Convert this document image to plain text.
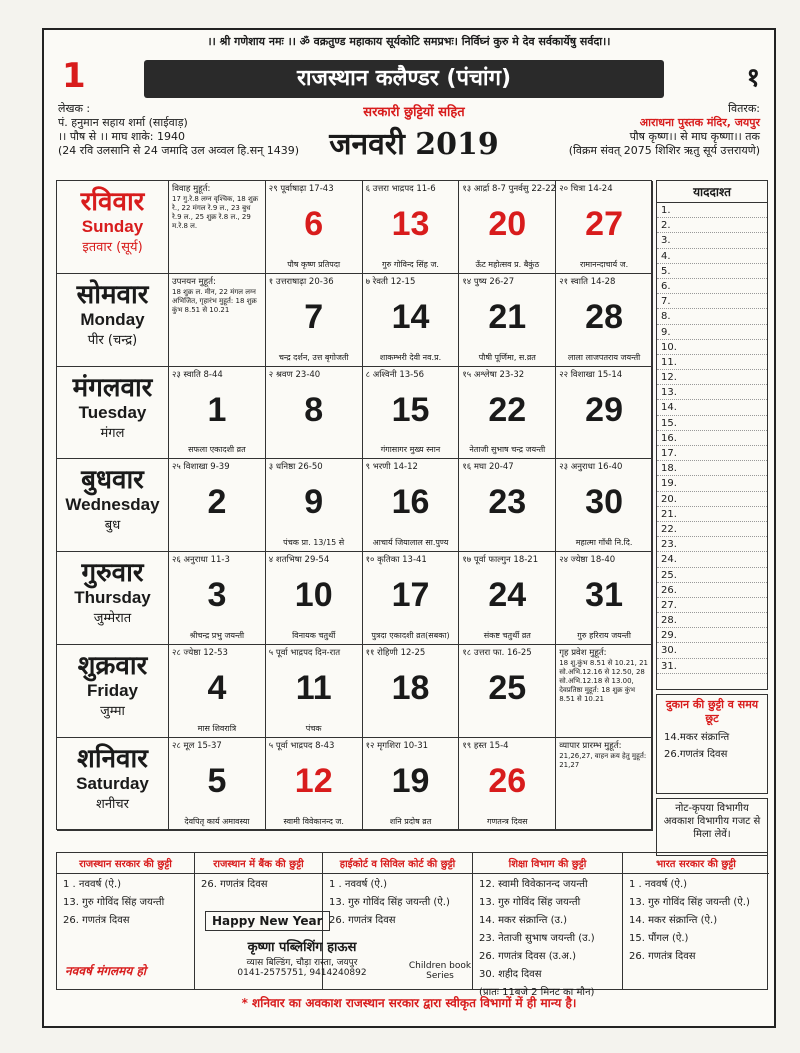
।। श्री गणेशाय नमः ।। ॐ वक्रतुण्ड महाकाय सूर्यकोटि समप्रभः। निर्विघ्नं कुरु मे देव सर्वकार्येषु सर्वदा।।
1	१
राजस्थान कलैण्डर (पंचांग)
लेखक :
पं. हनुमान सहाय शर्मा (साईवाड़)
।। पौष से ।। माघ शाके: 1940
(24 रवि उलसानि से 24 जमादि उल अव्वल हि.सन् 1439)
सरकारी छुट्टियों सहित
जनवरी 2019
वितरक:
आराधना पुस्तक मंदिर, जयपुर
पौष कृष्ण।। से माघ कृष्णा।। तक
(विक्रम संवत् 2075 शिशिर ऋतु सूर्य उत्तरायणे)
रविवार
Sunday
इतवार (सूर्य)
विवाह मुहूर्त:
17 गु.रे.8 लग्न वृश्चिक, 18 शुक्र रे., 22 मंगल रे.9 ल., 23 बुध रे.9 ल., 25 शुक्र रे.8 ल., 29 म.रे.8 ल.
२९ पूर्वाषाढ़ा 17-43
6
पौष कृष्ण प्रतिपदा
६ उत्तरा भाद्रपद 11-6
13
गुरु गोविन्द सिंह ज.
१३ आर्द्रा 8-7 पुनर्वसु 22-22
20
ऊँट महोत्सव प्र. बैकुंठ
२० चित्रा 14-24
27
रामानन्दाचार्य ज.
सोमवार
Monday
पीर (चन्द्र)
उपनयन मुहूर्त:
18 शुक्र ल. मीन, 22 मंगल लग्न अभिजित, गृहारंभ मुहूर्त: 18 शुक्र कुंभ 8.51 से 10.21
१ उत्तराषाढ़ा 20-36
7
चन्द्र दर्शन, उत्त बृगोजती
७ रेवती 12-15
14
शाकम्भरी देवी नव.प्र.
१४ पुष्य 26-27
21
पौषी पूर्णिमा, स.व्रत
२१ स्वाति 14-28
28
लाला लाजपतराय जयन्ती
मंगलवार
Tuesday
मंगल
२३ स्वाति 8-44
1
सफला एकादशी व्रत
२ श्रवण 23-40
8
८ अश्विनी 13-56
15
गंगासागर मुख्य स्नान
१५ अश्लेषा 23-32
22
नेताजी सुभाष चन्द्र जयन्ती
२२ विशाखा 15-14
29
बुधवार
Wednesday
बुध
२५ विशाखा 9-39
2
३ धनिष्ठा 26-50
9
पंचक प्रा. 13/15 से
९ भरणी 14-12
16
आचार्य जियालाल सा.पुण्य
१६ मघा 20-47
23
२३ अनुराधा 16-40
30
महात्मा गाँधी नि.दि.
गुरुवार
Thursday
जुम्मेरात
२६ अनुराधा 11-3
3
श्रीचन्द्र प्रभु जयन्ती
४ शतभिषा 29-54
10
विनायक चतुर्थी
१० कृतिका 13-41
17
पुत्रदा एकादशी व्रत(सबका)
१७ पूर्वा फाल्गुन 18-21
24
संकष्ट चतुर्थी व्रत
२४ ज्येष्ठा 18-40
31
गुरु हरिराय जयन्ती
शुक्रवार
Friday
जुम्मा
२८ ज्येष्ठा 12-53
4
मास शिवरात्रि
५ पूर्वा भाद्रपद दिन-रात
11
पंचक
११ रोहिणी 12-25
18
१८ उत्तरा फा. 16-25
25
गृह प्रवेश मुहूर्त:
18 शु.कुंभ 8.51 से 10.21, 21 सो.अभि.12.16 से 12.50, 28 सो.अभि.12.18 से 13.00, देवप्रतिष्ठा मुहूर्त: 18 शुक्र कुंभ 8.51 से 10.21
शनिवार
Saturday
शनीचर
२८ मूल 15-37
5
देवपितृ कार्य अमावस्या
५ पूर्वा भाद्रपद 8-43
12
स्वामी विवेकानन्द ज.
१२ मृगशिरा 10-31
19
शनि प्रदोष व्रत
१९ हस्त 15-4
26
गणतन्त्र दिवस
व्यापार प्रारम्भ मुहूर्त:
21,26,27, वाहन क्रय हेतु मुहूर्त: 21,27
याददाश्त
1.
2.
3.
4.
5.
6.
7.
8.
9.
10.
11.
12.
13.
14.
15.
16.
17.
18.
19.
20.
21.
22.
23.
24.
25.
26.
27.
28.
29.
30.
31.
दुकान की छुट्टी व समय छूट
14.मकर संक्रान्ति
26.गणतंत्र दिवस
नोट-कृपया विभागीय अवकाश विभागीय गजट से मिला लेवें।
राजस्थान सरकार की छुट्टी
1 . नववर्ष (ऐ.)
13. गुरु गोविंद सिंह जयन्ती
26. गणतंत्र दिवस
राजस्थान में बैंक की छुट्टी
26. गणतंत्र दिवस
हाईकोर्ट व सिविल कोर्ट की छुट्टी
1 . नववर्ष (ऐ.)
13. गुरु गोविंद सिंह जयन्ती (ऐ.)
26. गणतंत्र दिवस
शिक्षा विभाग की छुट्टी
12. स्वामी विवेकानन्द जयन्ती
13. गुरु गोविंद सिंह जयन्ती
14. मकर संक्रान्ति (उ.)
23. नेताजी सुभाष जयन्ती (उ.)
26. गणतंत्र दिवस (उ.अ.)
30. शहीद दिवस
(प्रातः 11बजे 2 मिनट का मौन)
भारत सरकार की छुट्टी
1 . नववर्ष (ऐ.)
13. गुरु गोविंद सिंह जयन्ती (ऐ.)
14. मकर संक्रान्ति (ऐ.)
15. पौंगल (ऐ.)
26. गणतंत्र दिवस
Happy New Year
कृष्णा पब्लिशिंग हाऊस
व्यास बिल्डिंग, चौड़ा रास्ता, जयपुर
0141-2575751, 9414240892
Children book Series
नववर्ष मंगलमय हो
* शनिवार का अवकाश राजस्थान सरकार द्वारा स्वीकृत विभागों में ही मान्य है।
